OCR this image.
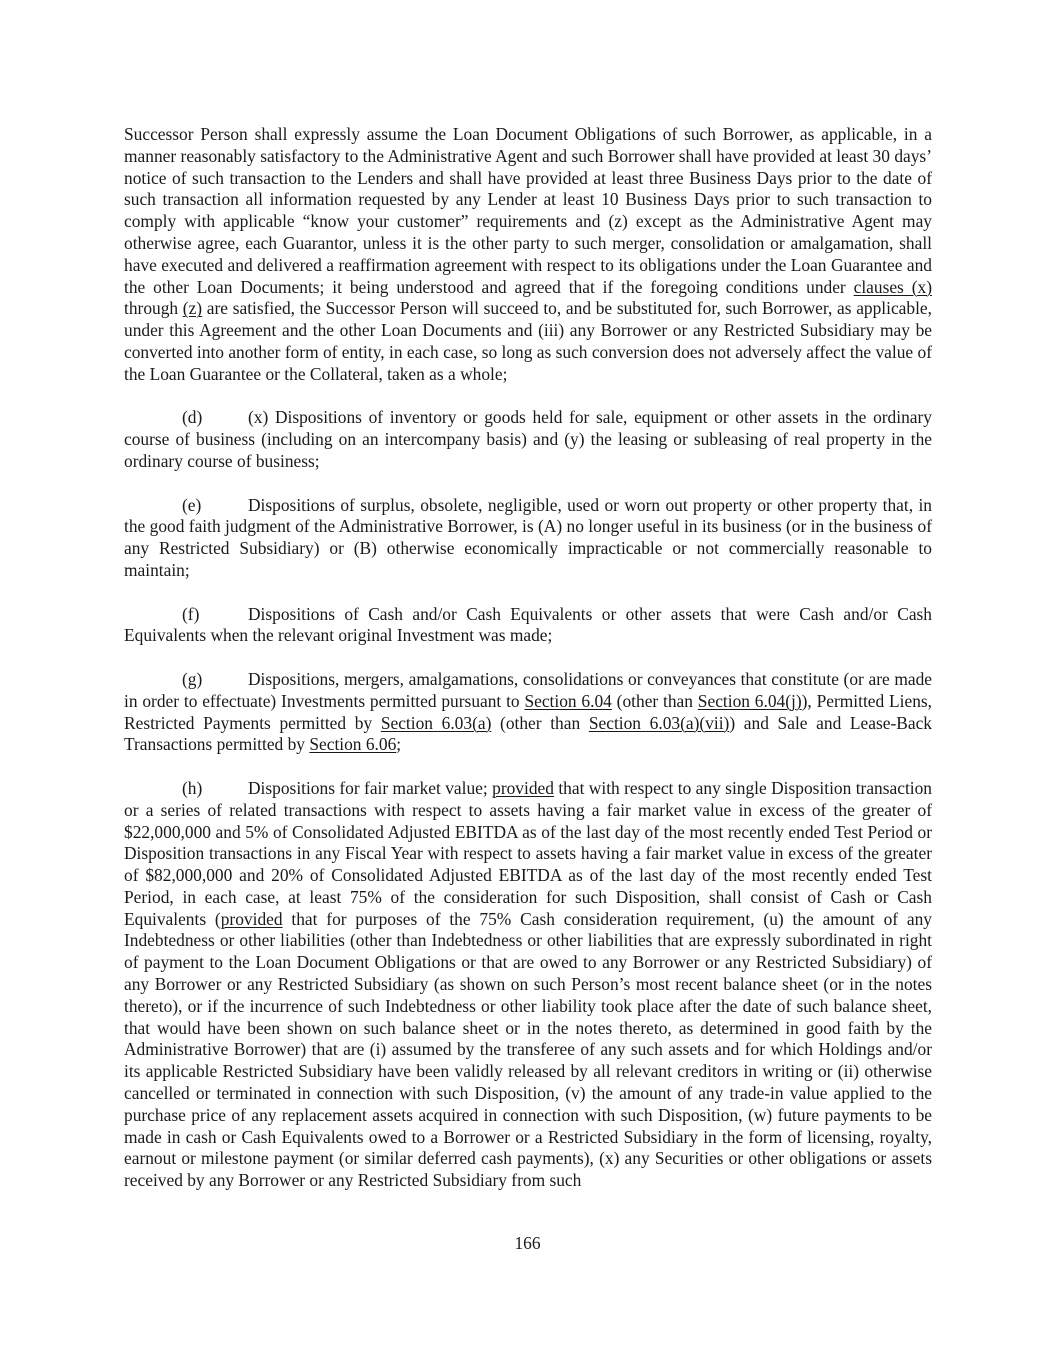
Successor Person shall expressly assume the Loan Document Obligations of such Borrower, as applicable, in a manner reasonably satisfactory to the Administrative Agent and such Borrower shall have provided at least 30 days’ notice of such transaction to the Lenders and shall have provided at least three Business Days prior to the date of such transaction all information requested by any Lender at least 10 Business Days prior to such transaction to comply with applicable “know your customer” requirements and (z) except as the Administrative Agent may otherwise agree, each Guarantor, unless it is the other party to such merger, consolidation or amalgamation, shall have executed and delivered a reaffirmation agreement with respect to its obligations under the Loan Guarantee and the other Loan Documents; it being understood and agreed that if the foregoing conditions under clauses (x) through (z) are satisfied, the Successor Person will succeed to, and be substituted for, such Borrower, as applicable, under this Agreement and the other Loan Documents and (iii) any Borrower or any Restricted Subsidiary may be converted into another form of entity, in each case, so long as such conversion does not adversely affect the value of the Loan Guarantee or the Collateral, taken as a whole;

(d)	(x) Dispositions of inventory or goods held for sale, equipment or other assets in the ordinary course of business (including on an intercompany basis) and (y) the leasing or subleasing of real property in the ordinary course of business;

(e)	Dispositions of surplus, obsolete, negligible, used or worn out property or other property that, in the good faith judgment of the Administrative Borrower, is (A) no longer useful in its business (or in the business of any Restricted Subsidiary) or (B) otherwise economically impracticable or not commercially reasonable to maintain;

(f)	Dispositions of Cash and/or Cash Equivalents or other assets that were Cash and/or Cash Equivalents when the relevant original Investment was made;

(g)	Dispositions, mergers, amalgamations, consolidations or conveyances that constitute (or are made in order to effectuate) Investments permitted pursuant to Section 6.04 (other than Section 6.04(j)), Permitted Liens, Restricted Payments permitted by Section 6.03(a) (other than Section 6.03(a)(vii)) and Sale and Lease-Back Transactions permitted by Section 6.06;

(h)	Dispositions for fair market value; provided that with respect to any single Disposition transaction or a series of related transactions with respect to assets having a fair market value in excess of the greater of $22,000,000 and 5% of Consolidated Adjusted EBITDA as of the last day of the most recently ended Test Period or Disposition transactions in any Fiscal Year with respect to assets having a fair market value in excess of the greater of $82,000,000 and 20% of Consolidated Adjusted EBITDA as of the last day of the most recently ended Test Period, in each case, at least 75% of the consideration for such Disposition, shall consist of Cash or Cash Equivalents (provided that for purposes of the 75% Cash consideration requirement, (u) the amount of any Indebtedness or other liabilities (other than Indebtedness or other liabilities that are expressly subordinated in right of payment to the Loan Document Obligations or that are owed to any Borrower or any Restricted Subsidiary) of any Borrower or any Restricted Subsidiary (as shown on such Person’s most recent balance sheet (or in the notes thereto), or if the incurrence of such Indebtedness or other liability took place after the date of such balance sheet, that would have been shown on such balance sheet or in the notes thereto, as determined in good faith by the Administrative Borrower) that are (i) assumed by the transferee of any such assets and for which Holdings and/or its applicable Restricted Subsidiary have been validly released by all relevant creditors in writing or (ii) otherwise cancelled or terminated in connection with such Disposition, (v) the amount of any trade-in value applied to the purchase price of any replacement assets acquired in connection with such Disposition, (w) future payments to be made in cash or Cash Equivalents owed to a Borrower or a Restricted Subsidiary in the form of licensing, royalty, earnout or milestone payment (or similar deferred cash payments), (x) any Securities or other obligations or assets received by any Borrower or any Restricted Subsidiary from such

166
